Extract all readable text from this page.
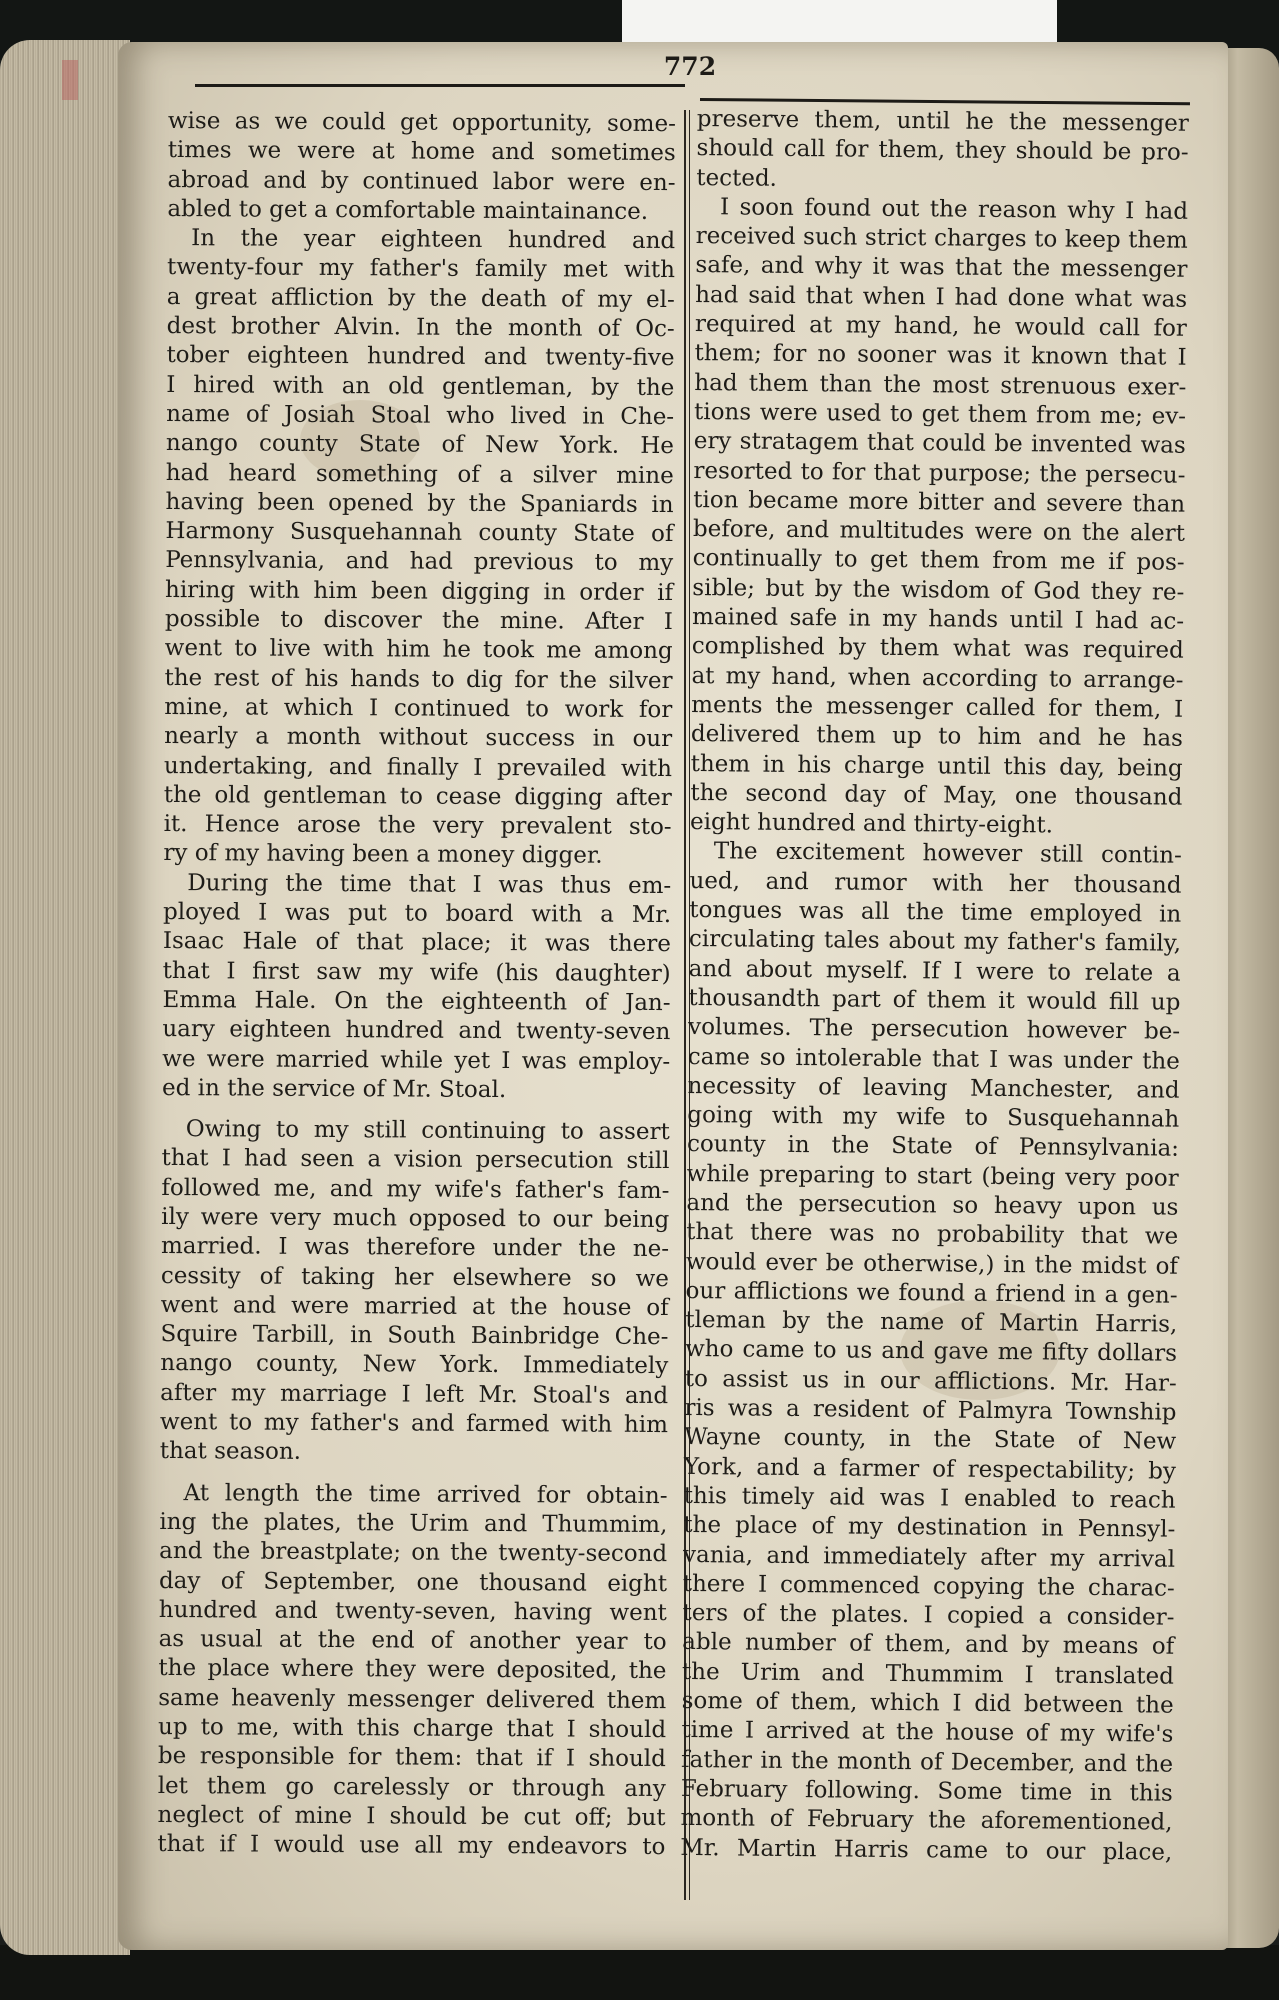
772
wise as we could get opportunity, some-
times we were at home and sometimes
abroad and by continued labor were en-
abled to get a comfortable maintainance.
In the year eighteen hundred and
twenty-four my father's family met with
a great affliction by the death of my el-
dest brother Alvin. In the month of Oc-
tober eighteen hundred and twenty-five
I hired with an old gentleman, by the
name of Josiah Stoal who lived in Che-
nango county State of New York. He
had heard something of a silver mine
having been opened by the Spaniards in
Harmony Susquehannah county State of
Pennsylvania, and had previous to my
hiring with him been digging in order if
possible to discover the mine. After I
went to live with him he took me among
the rest of his hands to dig for the silver
mine, at which I continued to work for
nearly a month without success in our
undertaking, and finally I prevailed with
the old gentleman to cease digging after
it. Hence arose the very prevalent sto-
ry of my having been a money digger.
During the time that I was thus em-
ployed I was put to board with a Mr.
Isaac Hale of that place; it was there
that I first saw my wife (his daughter)
Emma Hale. On the eighteenth of Jan-
uary eighteen hundred and twenty-seven
we were married while yet I was employ-
ed in the service of Mr. Stoal.
Owing to my still continuing to assert
that I had seen a vision persecution still
followed me, and my wife's father's fam-
ily were very much opposed to our being
married. I was therefore under the ne-
cessity of taking her elsewhere so we
went and were married at the house of
Squire Tarbill, in South Bainbridge Che-
nango county, New York. Immediately
after my marriage I left Mr. Stoal's and
went to my father's and farmed with him
that season.
At length the time arrived for obtain-
ing the plates, the Urim and Thummim,
and the breastplate; on the twenty-second
day of September, one thousand eight
hundred and twenty-seven, having went
as usual at the end of another year to
the place where they were deposited, the
same heavenly messenger delivered them
up to me, with this charge that I should
be responsible for them: that if I should
let them go carelessly or through any
neglect of mine I should be cut off; but
that if I would use all my endeavors to
preserve them, until he the messenger
should call for them, they should be pro-
tected.
I soon found out the reason why I had
received such strict charges to keep them
safe, and why it was that the messenger
had said that when I had done what was
required at my hand, he would call for
them; for no sooner was it known that I
had them than the most strenuous exer-
tions were used to get them from me; ev-
ery stratagem that could be invented was
resorted to for that purpose; the persecu-
tion became more bitter and severe than
before, and multitudes were on the alert
continually to get them from me if pos-
sible; but by the wisdom of God they re-
mained safe in my hands until I had ac-
complished by them what was required
at my hand, when according to arrange-
ments the messenger called for them, I
delivered them up to him and he has
them in his charge until this day, being
the second day of May, one thousand
eight hundred and thirty-eight.
The excitement however still contin-
ued, and rumor with her thousand
tongues was all the time employed in
circulating tales about my father's family,
and about myself. If I were to relate a
thousandth part of them it would fill up
volumes. The persecution however be-
came so intolerable that I was under the
necessity of leaving Manchester, and
going with my wife to Susquehannah
county in the State of Pennsylvania:
while preparing to start (being very poor
and the persecution so heavy upon us
that there was no probability that we
would ever be otherwise,) in the midst of
our afflictions we found a friend in a gen-
tleman by the name of Martin Harris,
who came to us and gave me fifty dollars
to assist us in our afflictions. Mr. Har-
ris was a resident of Palmyra Township
Wayne county, in the State of New
York, and a farmer of respectability; by
this timely aid was I enabled to reach
the place of my destination in Pennsyl-
vania, and immediately after my arrival
there I commenced copying the charac-
ters of the plates. I copied a consider-
able number of them, and by means of
the Urim and Thummim I translated
some of them, which I did between the
time I arrived at the house of my wife's
father in the month of December, and the
February following. Some time in this
month of February the aforementioned,
Mr. Martin Harris came to our place,
